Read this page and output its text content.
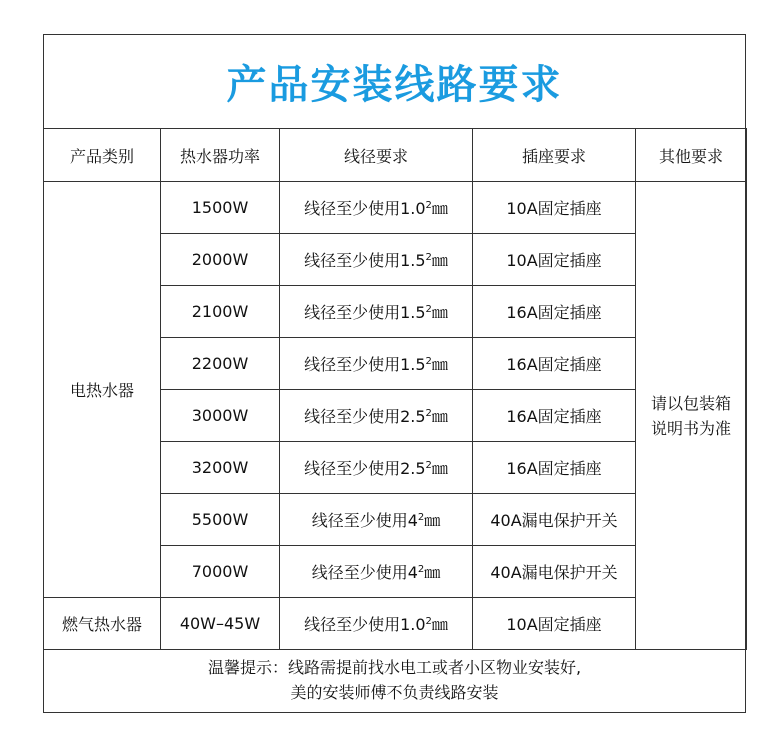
产品安装线路要求
产品类别	热水器功率	线径要求	插座要求	其他要求
电热水器	1500W	线径至少使用$1.0^2㎜$	10A固定插座	请以包装箱
说明书为准

	2000W	线径至少使用$1.5^2㎜$	10A固定插座	
	2100W	线径至少使用$1.5^2㎜$	16A固定插座	
	2200W	线径至少使用$1.5^2㎜$	16A固定插座	
	3000W	线径至少使用$2.5^2㎜$	16A固定插座	
	3200W	线径至少使用$2.5^2㎜$	16A固定插座	
	5500W	线径至少使用$4^2㎜$	40A漏电保护开关	
	7000W	线径至少使用$4^2㎜$	40A漏电保护开关	
燃气热水器	40W–45W	线径至少使用$1.0^2㎜$	10A固定插座	
温馨提示：线路需提前找水电工或者小区物业安装好,
美的安装师傅不负责线路安装
